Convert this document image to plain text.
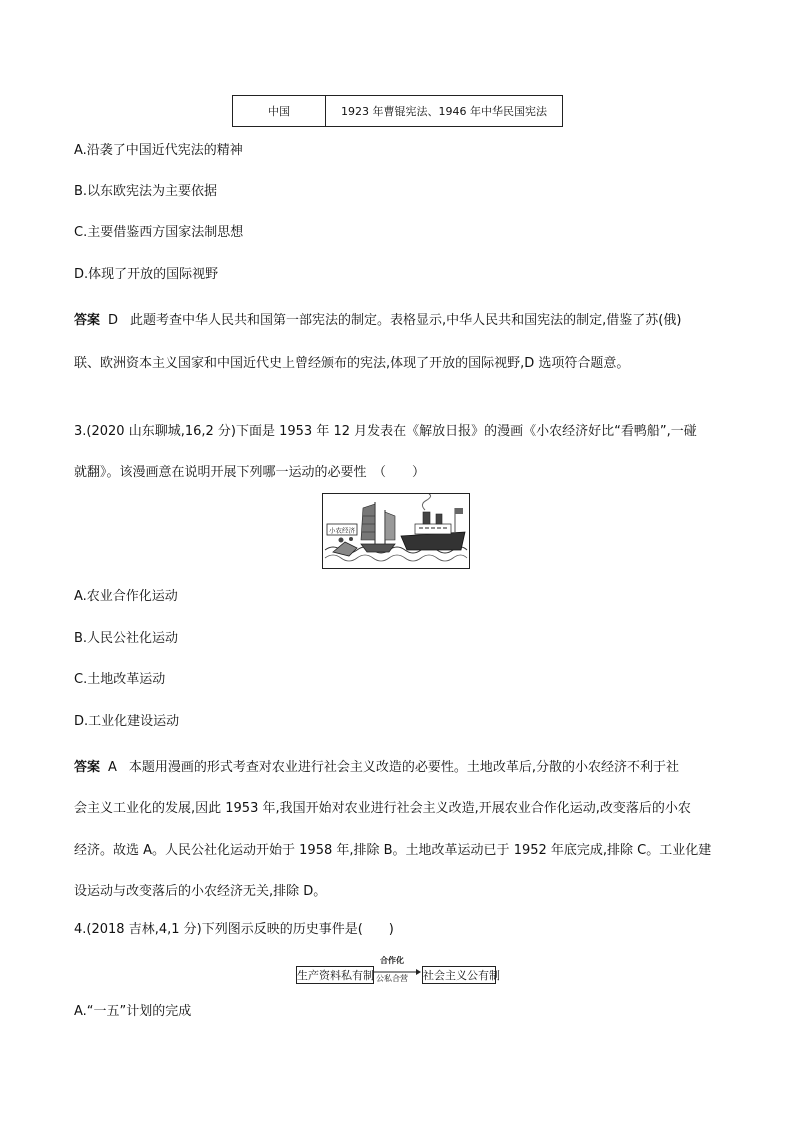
中国	1923 年曹锟宪法、1946 年中华民国宪法
A.沿袭了中国近代宪法的精神
B.以东欧宪法为主要依据
C.主要借鉴西方国家法制思想
D.体现了开放的国际视野
答案 D 此题考查中华人民共和国第一部宪法的制定。表格显示,中华人民共和国宪法的制定,借鉴了苏(俄)
联、欧洲资本主义国家和中国近代史上曾经颁布的宪法,体现了开放的国际视野,D 选项符合题意。
3.(2020 山东聊城,16,2 分)下面是 1953 年 12 月发表在《解放日报》的漫画《小农经济好比“看鸭船”,一碰
就翻》。该漫画意在说明开展下列哪一运动的必要性　（　　）
小农经济
A.农业合作化运动
B.人民公社化运动
C.土地改革运动
D.工业化建设运动
答案 A 本题用漫画的形式考查对农业进行社会主义改造的必要性。土地改革后,分散的小农经济不利于社
会主义工业化的发展,因此 1953 年,我国开始对农业进行社会主义改造,开展农业合作化运动,改变落后的小农
经济。故选 A。人民公社化运动开始于 1958 年,排除 B。土地改革运动已于 1952 年底完成,排除 C。工业化建
设运动与改变落后的小农经济无关,排除 D。
4.(2018 吉林,4,1 分)下列图示反映的历史事件是(　　)
生产资料私有制
合作化
公私合营 社会主义公有制
A.“一五”计划的完成
